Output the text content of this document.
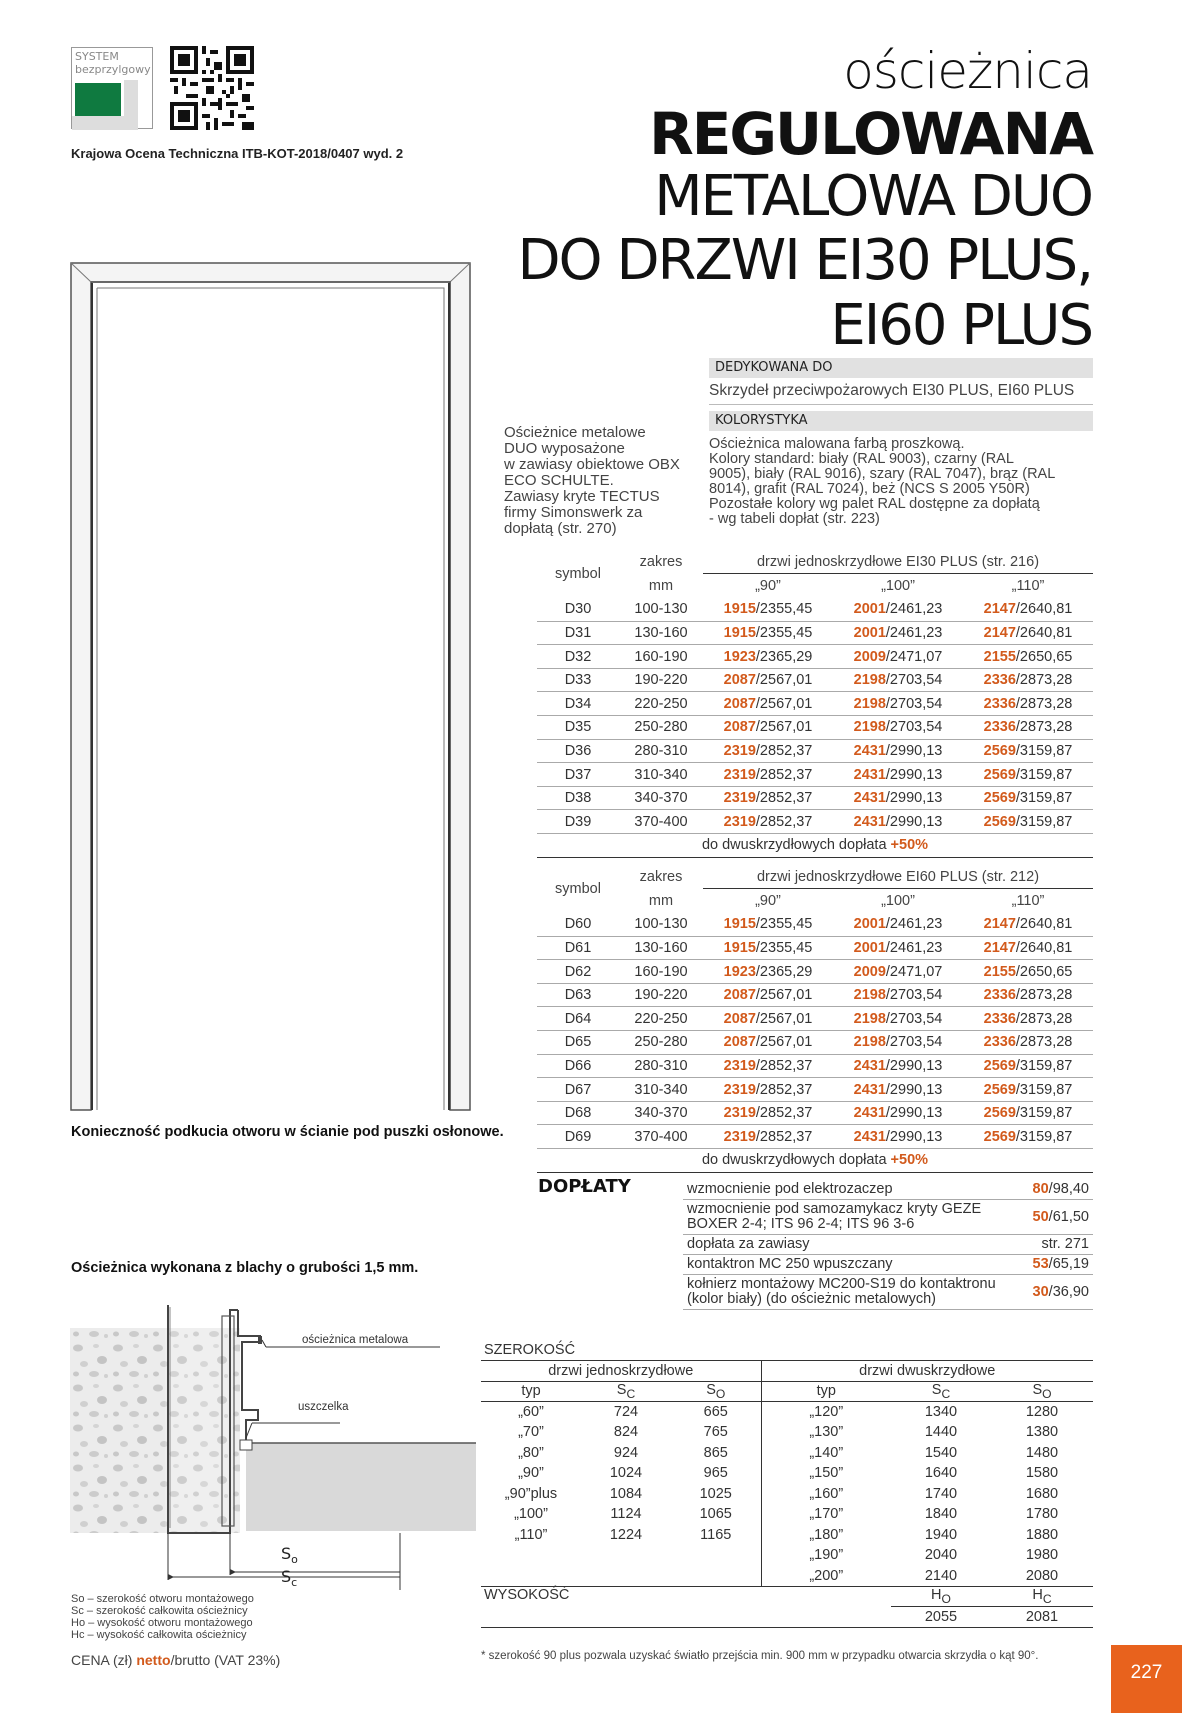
SYSTEM
bezprzylgowy
Krajowa Ocena Techniczna ITB-KOT-2018/0407 wyd. 2
ościeżnica
REGULOWANA
METALOWA DUO
DO DRZWI EI30 PLUS,
EI60 PLUS
Konieczność podkucia otworu w ścianie pod puszki osłonowe.
Ościeżnica wykonana z blachy o grubości 1,5 mm.
ościeżnica metalowa
uszczelka
$S_o$
$S_c$
So – szerokość otworu montażowego
Sc – szerokość całkowita ościeżnicy
Ho – wysokość otworu montażowego
Hc – wysokość całkowita ościeżnicy
CENA (zł) netto/brutto (VAT 23%)
DEDYKOWANA DO
Skrzydeł przeciwpożarowych EI30 PLUS, EI60 PLUS
KOLORYSTYKA
Ościeżnica malowana farbą proszkową.
Kolory standard: biały (RAL 9003), czarny (RAL
9005), biały (RAL 9016), szary (RAL 7047), brąz (RAL
8014), grafit (RAL 7024), beż (NCS S 2005 Y50R)
Pozostałe kolory wg palet RAL dostępne za dopłatą
- wg tabeli dopłat (str. 223)
Ościeżnice metalowe
DUO wyposażone
w zawiasy obiektowe OBX
ECO SCHULTE.
Zawiasy kryte TECTUS
firmy Simonswerk za
dopłatą (str. 270)
symbol	zakres	drzwi jednoskrzydłowe EI30 PLUS (str. 216)		
	mm	„90”	„100”	„110”
D30	100-130	1915/2355,45	2001/2461,23	2147/2640,81
D31	130-160	1915/2355,45	2001/2461,23	2147/2640,81
D32	160-190	1923/2365,29	2009/2471,07	2155/2650,65
D33	190-220	2087/2567,01	2198/2703,54	2336/2873,28
D34	220-250	2087/2567,01	2198/2703,54	2336/2873,28
D35	250-280	2087/2567,01	2198/2703,54	2336/2873,28
D36	280-310	2319/2852,37	2431/2990,13	2569/3159,87
D37	310-340	2319/2852,37	2431/2990,13	2569/3159,87
D38	340-370	2319/2852,37	2431/2990,13	2569/3159,87
D39	370-400	2319/2852,37	2431/2990,13	2569/3159,87
do dwuskrzydłowych dopłata +50%				
symbol	zakres	drzwi jednoskrzydłowe EI60 PLUS (str. 212)		
	mm	„90”	„100”	„110”
D60	100-130	1915/2355,45	2001/2461,23	2147/2640,81
D61	130-160	1915/2355,45	2001/2461,23	2147/2640,81
D62	160-190	1923/2365,29	2009/2471,07	2155/2650,65
D63	190-220	2087/2567,01	2198/2703,54	2336/2873,28
D64	220-250	2087/2567,01	2198/2703,54	2336/2873,28
D65	250-280	2087/2567,01	2198/2703,54	2336/2873,28
D66	280-310	2319/2852,37	2431/2990,13	2569/3159,87
D67	310-340	2319/2852,37	2431/2990,13	2569/3159,87
D68	340-370	2319/2852,37	2431/2990,13	2569/3159,87
D69	370-400	2319/2852,37	2431/2990,13	2569/3159,87
do dwuskrzydłowych dopłata +50%				
DOPŁATY	wzmocnienie pod elektrozaczep	80/98,40
wzmocnienie pod samozamykacz kryty GEZE BOXER 2-4; ITS 96 2-4; ITS 96 3-6	50/61,50
dopłata za zawiasy	str. 271
kontaktron MC 250 wpuszczany	53/65,19
kołnierz montażowy MC200-S19 do kontaktronu (kolor biały) (do ościeżnic metalowych)	30/36,90
SZEROKOŚĆ					
drzwi jednoskrzydłowe			drzwi dwuskrzydłowe		
typ	$S_C$	$S_O$	typ	$S_C$	$S_O$
„60”	724	665	„120”	1340	1280
„70”	824	765	„130”	1440	1380
„80”	924	865	„140”	1540	1480
„90”	1024	965	„150”	1640	1580
„90”plus	1084	1025	„160”	1740	1680
„100”	1124	1065	„170”	1840	1780
„110”	1224	1165	„180”	1940	1880
			„190”	2040	1980
			„200”	2140	2080
WYSOKOŚĆ				$H_O$	$H_C$
				2055	2081
* szerokość 90 plus pozwala uzyskać światło przejścia min. 900 mm w przypadku otwarcia skrzydła o kąt 90°.
227
